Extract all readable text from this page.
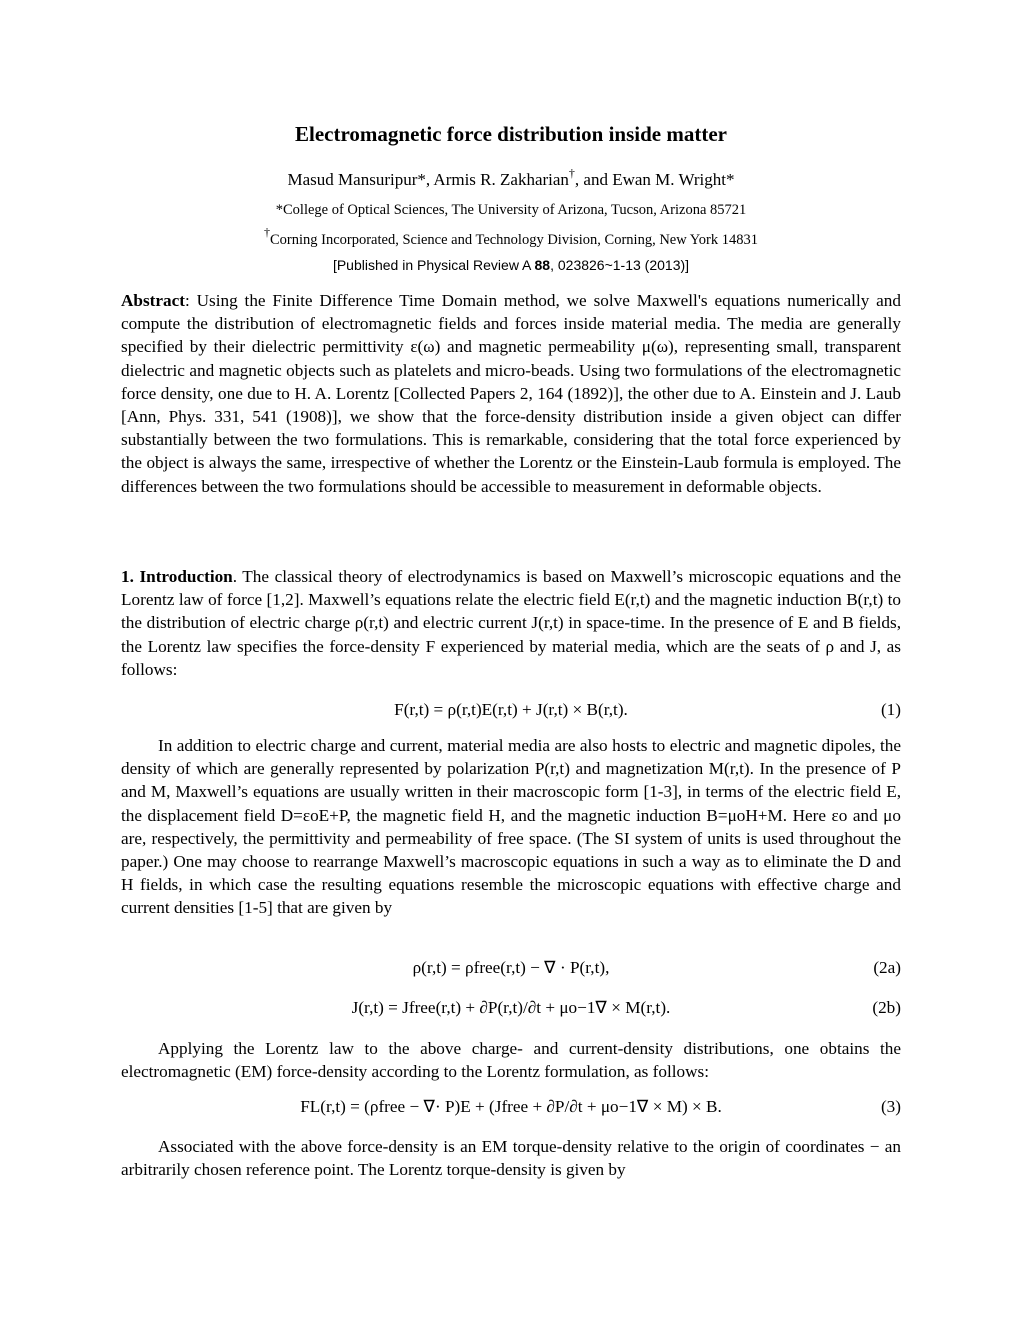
Electromagnetic force distribution inside matter
Masud Mansuripur*, Armis R. Zakharian†, and Ewan M. Wright*
*College of Optical Sciences, The University of Arizona, Tucson, Arizona 85721
†Corning Incorporated, Science and Technology Division, Corning, New York 14831
[Published in Physical Review A 88, 023826~1-13 (2013)]

Abstract: Using the Finite Difference Time Domain method, we solve Maxwell's equations numerically and compute the distribution of electromagnetic fields and forces inside material media. The media are generally specified by their dielectric permittivity ε(ω) and magnetic permeability μ(ω), representing small, transparent dielectric and magnetic objects such as platelets and micro-beads. Using two formulations of the electromagnetic force density, one due to H. A. Lorentz [Collected Papers 2, 164 (1892)], the other due to A. Einstein and J. Laub [Ann, Phys. 331, 541 (1908)], we show that the force-density distribution inside a given object can differ substantially between the two formulations. This is remarkable, considering that the total force experienced by the object is always the same, irrespective of whether the Lorentz or the Einstein-Laub formula is employed. The differences between the two formulations should be accessible to measurement in deformable objects.

1. Introduction. The classical theory of electrodynamics is based on Maxwell’s microscopic equations and the Lorentz law of force [1,2]. Maxwell’s equations relate the electric field E(r,t) and the magnetic induction B(r,t) to the distribution of electric charge ρ(r,t) and electric current J(r,t) in space-time. In the presence of E and B fields, the Lorentz law specifies the force-density F experienced by material media, which are the seats of ρ and J, as follows:

F(r,t) = ρ(r,t)E(r,t) + J(r,t) × B(r,t).	(1)

In addition to electric charge and current, material media are also hosts to electric and magnetic dipoles, the density of which are generally represented by polarization P(r,t) and magnetization M(r,t). In the presence of P and M, Maxwell’s equations are usually written in their macroscopic form [1-3], in terms of the electric field E, the displacement field D=εoE+P, the magnetic field H, and the magnetic induction B=μoH+M. Here εo and μo are, respectively, the permittivity and permeability of free space. (The SI system of units is used throughout the paper.) One may choose to rearrange Maxwell’s macroscopic equations in such a way as to eliminate the D and H fields, in which case the resulting equations resemble the microscopic equations with effective charge and current densities [1-5] that are given by

ρ(r,t) = ρfree(r,t) − ∇ · P(r,t),	(2a)
J(r,t) = Jfree(r,t) + ∂P(r,t)/∂t + μo−1∇ × M(r,t).	(2b)

Applying the Lorentz law to the above charge- and current-density distributions, one obtains the electromagnetic (EM) force-density according to the Lorentz formulation, as follows:

FL(r,t) = (ρfree − ∇· P)E + (Jfree + ∂P/∂t + μo−1∇ × M) × B.	(3)

Associated with the above force-density is an EM torque-density relative to the origin of coordinates − an arbitrarily chosen reference point. The Lorentz torque-density is given by
